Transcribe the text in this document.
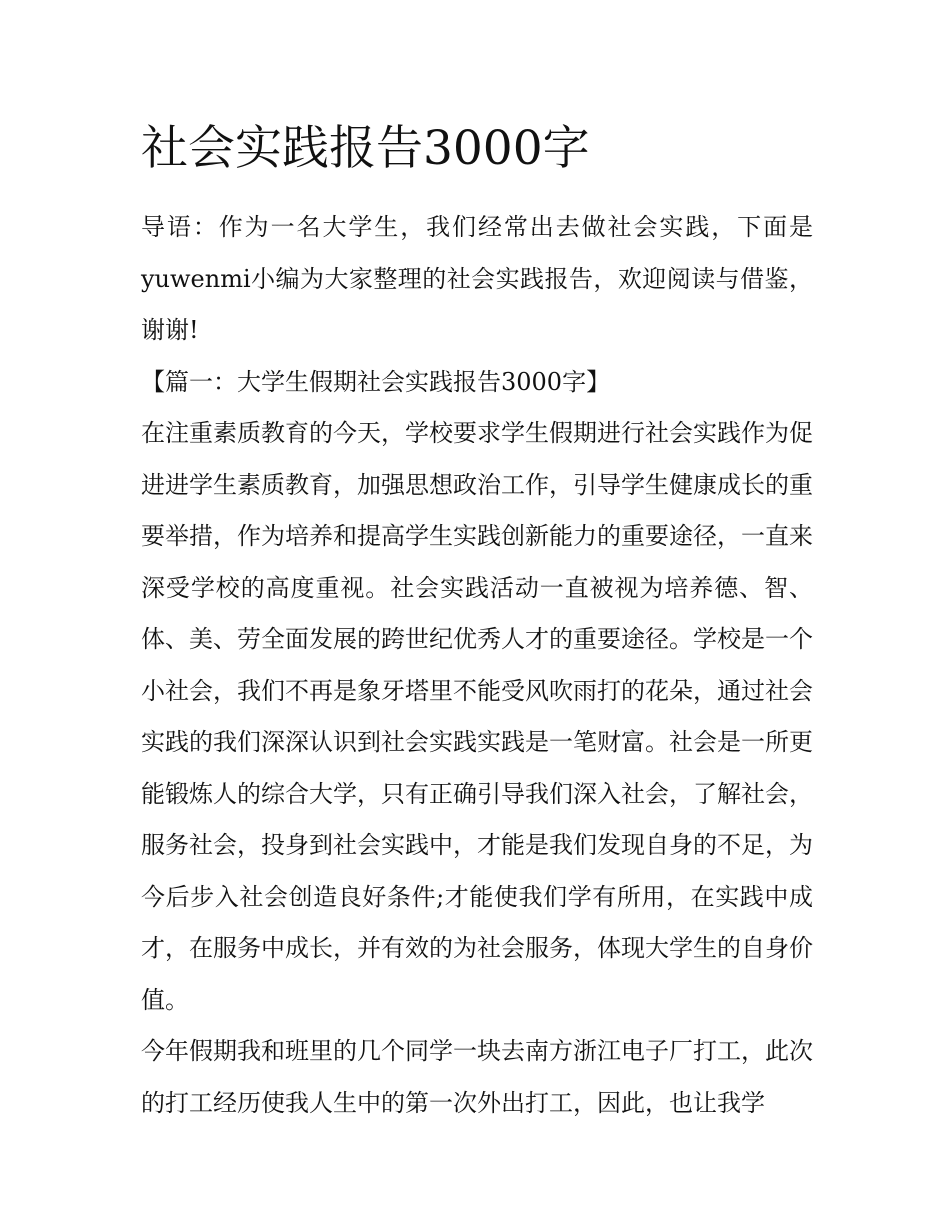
社会实践报告3000字

导语：作为一名大学生，我们经常出去做社会实践，下面是yuwenmi小编为大家整理的社会实践报告，欢迎阅读与借鉴，谢谢!

【篇一：大学生假期社会实践报告3000字】

在注重素质教育的今天，学校要求学生假期进行社会实践作为促进进学生素质教育，加强思想政治工作，引导学生健康成长的重要举措，作为培养和提高学生实践创新能力的重要途径，一直来深受学校的高度重视。社会实践活动一直被视为培养德、智、体、美、劳全面发展的跨世纪优秀人才的重要途径。学校是一个小社会，我们不再是象牙塔里不能受风吹雨打的花朵，通过社会实践的我们深深认识到社会实践实践是一笔财富。社会是一所更能锻炼人的综合大学，只有正确引导我们深入社会，了解社会，服务社会，投身到社会实践中，才能是我们发现自身的不足，为今后步入社会创造良好条件;才能使我们学有所用，在实践中成才，在服务中成长，并有效的为社会服务，体现大学生的自身价值。

今年假期我和班里的几个同学一块去南方浙江电子厂打工，此次的打工经历使我人生中的第一次外出打工，因此，也让我学
